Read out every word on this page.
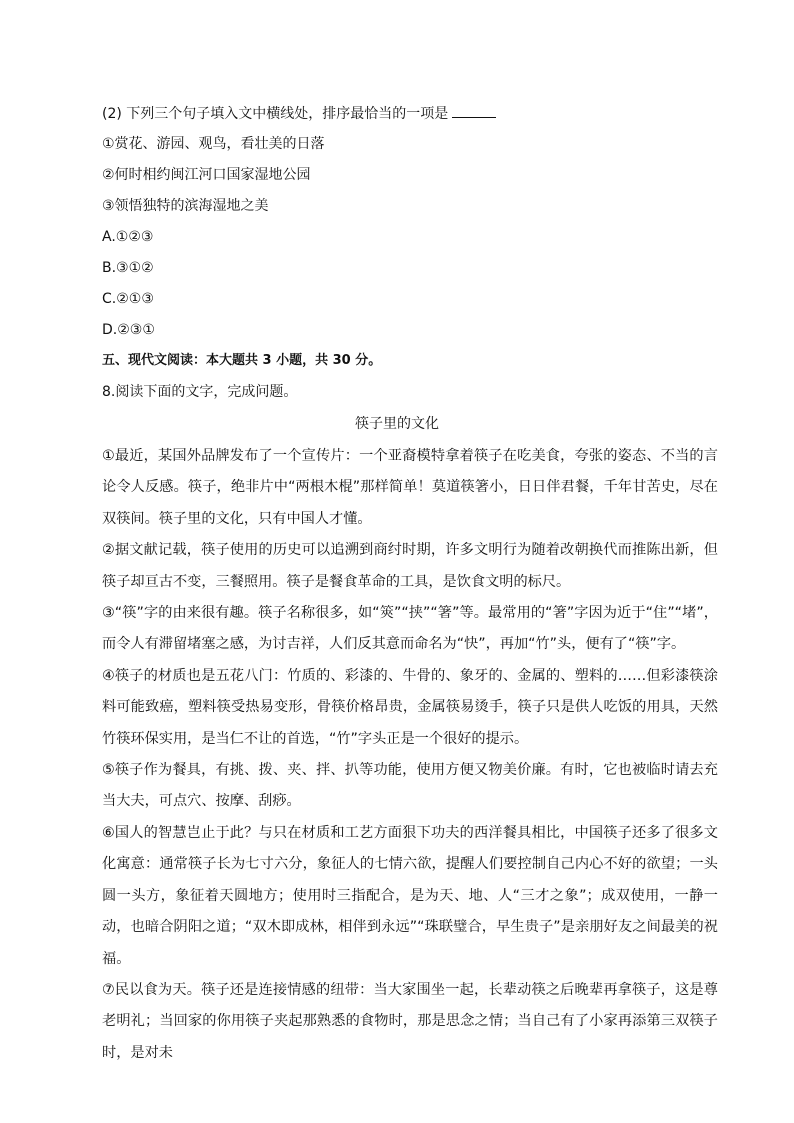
(2) 下列三个句子填入文中横线处，排序最恰当的一项是
①赏花、游园、观鸟，看壮美的日落
②何时相约闽江河口国家湿地公园
③领悟独特的滨海湿地之美
A.①②③
B.③①②
C.②①③
D.②③①
五、现代文阅读：本大题共 3 小题，共 30 分。
8.阅读下面的文字，完成问题。
筷子里的文化

①最近，某国外品牌发布了一个宣传片：一个亚裔模特拿着筷子在吃美食，夸张的姿态、不当的言论令人反感。筷子，绝非片中“两根木棍”那样简单！莫道筷箸小，日日伴君餐，千年甘苦史，尽在双筷间。筷子里的文化，只有中国人才懂。

②据文献记载，筷子使用的历史可以追溯到商纣时期，许多文明行为随着改朝换代而推陈出新，但筷子却亘古不变，三餐照用。筷子是餐食革命的工具，是饮食文明的标尺。

③“筷”字的由来很有趣。筷子名称很多，如“筴”“挟”“箸”等。最常用的“箸”字因为近于“住”“堵”，而令人有滞留堵塞之感，为讨吉祥，人们反其意而命名为“快”，再加“竹”头，便有了“筷”字。

④筷子的材质也是五花八门：竹质的、彩漆的、牛骨的、象牙的、金属的、塑料的……但彩漆筷涂料可能致癌，塑料筷受热易变形，骨筷价格昂贵，金属筷易烫手，筷子只是供人吃饭的用具，天然竹筷环保实用，是当仁不让的首选，“竹”字头正是一个很好的提示。

⑤筷子作为餐具，有挑、拨、夹、拌、扒等功能，使用方便又物美价廉。有时，它也被临时请去充当大夫，可点穴、按摩、刮痧。

⑥国人的智慧岂止于此？与只在材质和工艺方面狠下功夫的西洋餐具相比，中国筷子还多了很多文化寓意：通常筷子长为七寸六分，象征人的七情六欲，提醒人们要控制自己内心不好的欲望；一头圆一头方，象征着天圆地方；使用时三指配合，是为天、地、人“三才之象”；成双使用，一静一动，也暗合阴阳之道；“双木即成林，相伴到永远”“珠联璧合，早生贵子”是亲朋好友之间最美的祝福。

⑦民以食为天。筷子还是连接情感的纽带：当大家围坐一起，长辈动筷之后晚辈再拿筷子，这是尊老明礼；当回家的你用筷子夹起那熟悉的食物时，那是思念之情；当自己有了小家再添第三双筷子时，是对未
